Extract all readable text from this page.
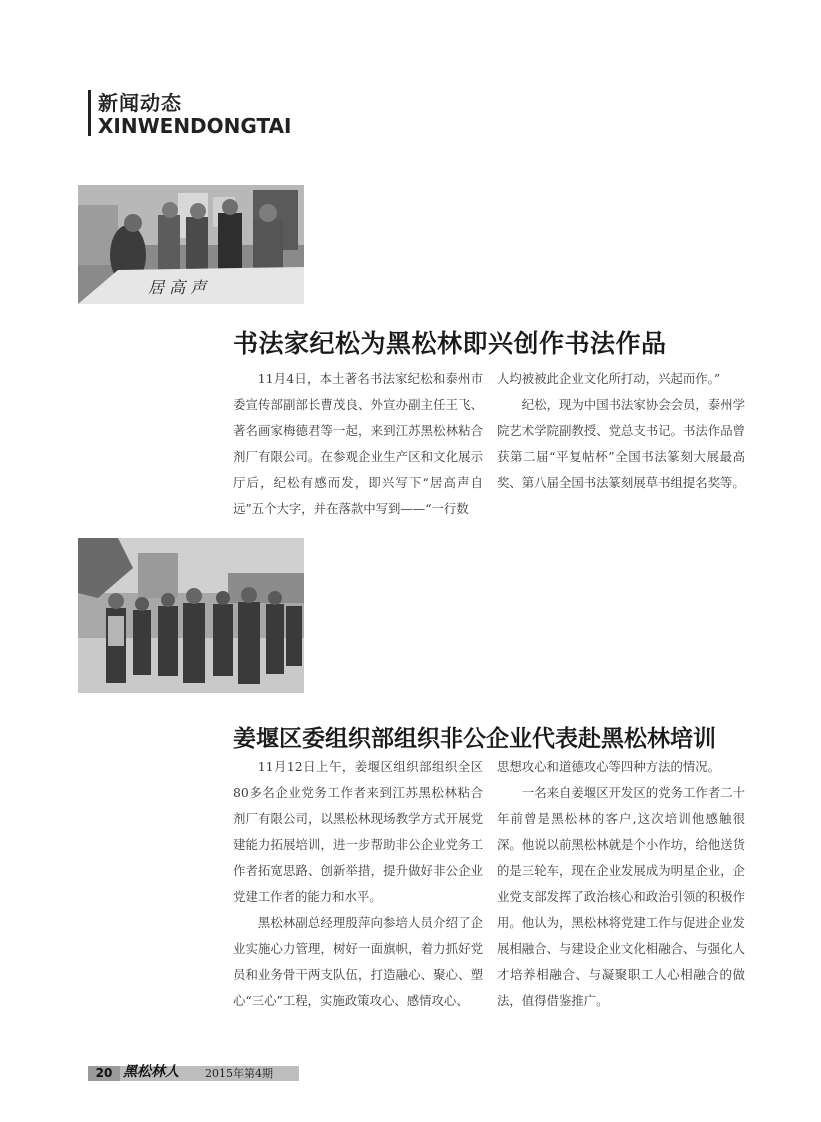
新闻动态
XINWENDONGTAI
居 高 声
书法家纪松为黑松林即兴创作书法作品

11月4日，本土著名书法家纪松和泰州市委宣传部副部长曹茂良、外宣办副主任王飞、著名画家梅德君等一起，来到江苏黑松林粘合剂厂有限公司。在参观企业生产区和文化展示厅后，纪松有感而发，即兴写下“居高声自远”五个大字，并在落款中写到——“一行数

人均被被此企业文化所打动，兴起而作。”

纪松，现为中国书法家协会会员，泰州学院艺术学院副教授、党总支书记。书法作品曾获第二届“平复帖杯”全国书法篆刻大展最高奖、第八届全国书法篆刻展草书组提名奖等。

姜堰区委组织部组织非公企业代表赴黑松林培训

11月12日上午，姜堰区组织部组织全区80多名企业党务工作者来到江苏黑松林粘合剂厂有限公司，以黑松林现场教学方式开展党建能力拓展培训，进一步帮助非公企业党务工作者拓宽思路、创新举措，提升做好非公企业党建工作者的能力和水平。

黑松林副总经理殷萍向参培人员介绍了企业实施心力管理，树好一面旗帜，着力抓好党员和业务骨干两支队伍，打造融心、聚心、塑心“三心”工程，实施政策攻心、感情攻心、

思想攻心和道德攻心等四种方法的情况。

一名来自姜堰区开发区的党务工作者二十年前曾是黑松林的客户,这次培训他感触很深。他说以前黑松林就是个小作坊，给他送货的是三轮车，现在企业发展成为明星企业，企业党支部发挥了政治核心和政治引领的积极作用。他认为，黑松林将党建工作与促进企业发展相融合、与建设企业文化相融合、与强化人才培养相融合、与凝聚职工人心相融合的做法，值得借鉴推广。

20 黑松林人 2015年第4期
